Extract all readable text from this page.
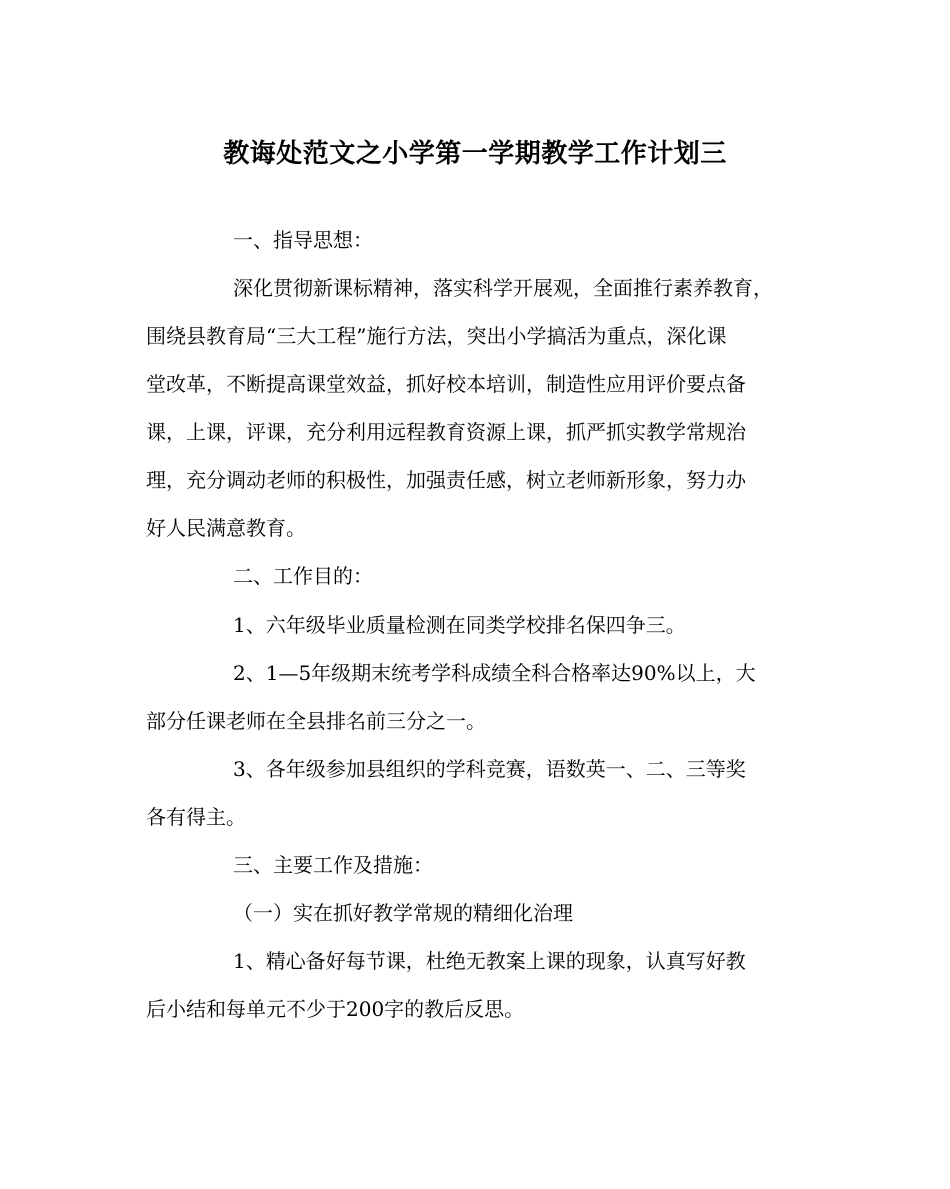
教诲处范文之小学第一学期教学工作计划三
一、指导思想：
深化贯彻新课标精神，落实科学开展观，全面推行素养教育，
围绕县教育局“三大工程”施行方法，突出小学搞活为重点，深化课
堂改革，不断提高课堂效益，抓好校本培训，制造性应用评价要点备
课，上课，评课，充分利用远程教育资源上课，抓严抓实教学常规治
理，充分调动老师的积极性，加强责任感，树立老师新形象，努力办
好人民满意教育。
二、工作目的：
1、六年级毕业质量检测在同类学校排名保四争三。
2、1—5年级期末统考学科成绩全科合格率达90%以上，大
部分任课老师在全县排名前三分之一。
3、各年级参加县组织的学科竞赛，语数英一、二、三等奖
各有得主。
三、主要工作及措施：
（一）实在抓好教学常规的精细化治理
1、精心备好每节课，杜绝无教案上课的现象，认真写好教
后小结和每单元不少于200字的教后反思。
